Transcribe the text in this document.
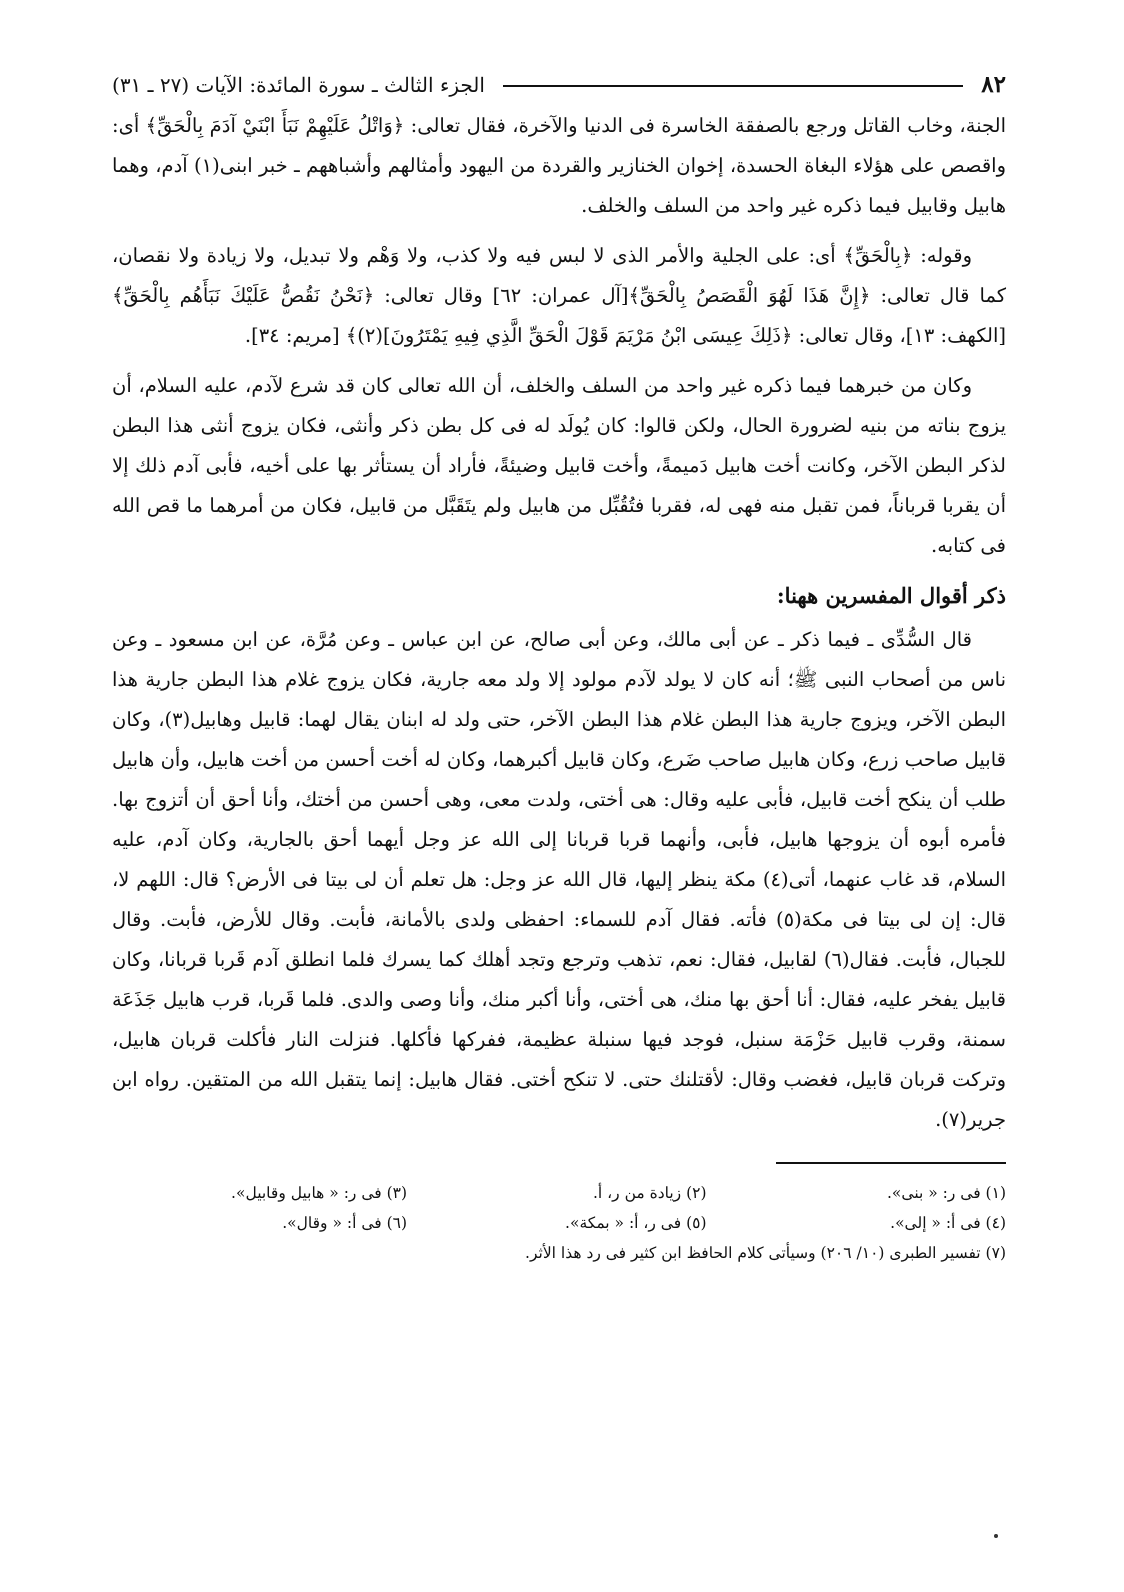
٨٢
الجزء الثالث ـ سورة المائدة: الآيات (٢٧ ـ ٣١)

الجنة، وخاب القاتل ورجع بالصفقة الخاسرة فى الدنيا والآخرة، فقال تعالى: ﴿وَاتْلُ عَلَيْهِمْ نَبَأَ ابْنَيْ آدَمَ بِالْحَقِّ﴾ أى: واقصص على هؤلاء البغاة الحسدة، إخوان الخنازير والقردة من اليهود وأمثالهم وأشباههم ـ خبر ابنى(١) آدم، وهما هابيل وقابيل فيما ذكره غير واحد من السلف والخلف.

وقوله: ﴿بِالْحَقِّ﴾ أى: على الجلية والأمر الذى لا لبس فيه ولا كذب، ولا وَهْم ولا تبديل، ولا زيادة ولا نقصان، كما قال تعالى: ﴿إِنَّ هَذَا لَهُوَ الْقَصَصُ بِالْحَقِّ﴾[آل عمران: ٦٢] وقال تعالى: ﴿نَحْنُ نَقُصُّ عَلَيْكَ نَبَأَهُم بِالْحَقِّ﴾[الكهف: ١٣]، وقال تعالى: ﴿ذَلِكَ عِيسَى ابْنُ مَرْيَمَ قَوْلَ الْحَقِّ الَّذِي فِيهِ يَمْتَرُونَ](٢)﴾ [مريم: ٣٤].

وكان من خبرهما فيما ذكره غير واحد من السلف والخلف، أن الله تعالى كان قد شرع لآدم، عليه السلام، أن يزوج بناته من بنيه لضرورة الحال، ولكن قالوا: كان يُولَد له فى كل بطن ذكر وأنثى، فكان يزوج أنثى هذا البطن لذكر البطن الآخر، وكانت أخت هابيل دَميمةً، وأخت قابيل وضيئةً، فأراد أن يستأثر بها على أخيه، فأبى آدم ذلك إلا أن يقربا قرباناً، فمن تقبل منه فهى له، فقربا فتُقُبِّل من هابيل ولم يتَقَبَّل من قابيل، فكان من أمرهما ما قص الله فى كتابه.

ذكر أقوال المفسرين ههنا:

قال السُّدِّى ـ فيما ذكر ـ عن أبى مالك، وعن أبى صالح، عن ابن عباس ـ وعن مُرَّة، عن ابن مسعود ـ وعن ناس من أصحاب النبى ﷺ؛ أنه كان لا يولد لآدم مولود إلا ولد معه جارية، فكان يزوج غلام هذا البطن جارية هذا البطن الآخر، ويزوج جارية هذا البطن غلام هذا البطن الآخر، حتى ولد له ابنان يقال لهما: قابيل وهابيل(٣)، وكان قابيل صاحب زرع، وكان هابيل صاحب ضَرع، وكان قابيل أكبرهما، وكان له أخت أحسن من أخت هابيل، وأن هابيل طلب أن ينكح أخت قابيل، فأبى عليه وقال: هى أختى، ولدت معى، وهى أحسن من أختك، وأنا أحق أن أتزوج بها. فأمره أبوه أن يزوجها هابيل، فأبى، وأنهما قربا قربانا إلى الله عز وجل أيهما أحق بالجارية، وكان آدم، عليه السلام، قد غاب عنهما، أتى(٤) مكة ينظر إليها، قال الله عز وجل: هل تعلم أن لى بيتا فى الأرض؟ قال: اللهم لا، قال: إن لى بيتا فى مكة(٥) فأته. فقال آدم للسماء: احفظى ولدى بالأمانة، فأبت. وقال للأرض، فأبت. وقال للجبال، فأبت. فقال(٦) لقابيل، فقال: نعم، تذهب وترجع وتجد أهلك كما يسرك فلما انطلق آدم قَربا قربانا، وكان قابيل يفخر عليه، فقال: أنا أحق بها منك، هى أختى، وأنا أكبر منك، وأنا وصى والدى. فلما قَربا، قرب هابيل جَذَعَة سمنة، وقرب قابيل حَزْمَة سنبل، فوجد فيها سنبلة عظيمة، ففركها فأكلها. فنزلت النار فأكلت قربان هابيل، وتركت قربان قابيل، فغضب وقال: لأقتلنك حتى. لا تنكح أختى. فقال هابيل: إنما يتقبل الله من المتقين. رواه ابن جرير(٧).

(١) فى ر: « بنى».
(٢) زيادة من ر، أ.
(٣) فى ر: « هابيل وقابيل».
(٤) فى أ: « إلى».
(٥) فى ر، أ: « بمكة».
(٦) فى أ: « وقال».
(٧) تفسير الطبرى (١٠/ ٢٠٦) وسيأتى كلام الحافظ ابن كثير فى رد هذا الأثر.
